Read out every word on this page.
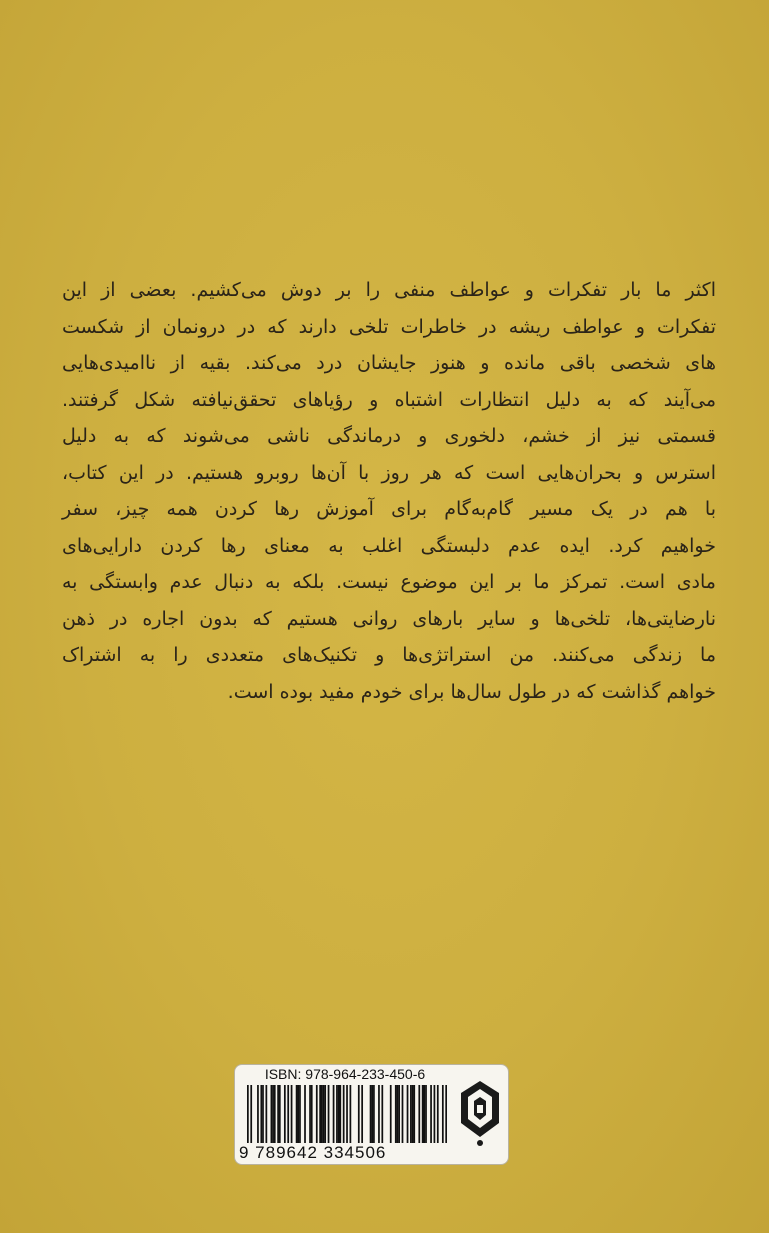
اکثر ما بار تفکرات و عواطف منفی را بر دوش می‌کشیم. بعضی از این
تفکرات و عواطف ریشه در خاطرات تلخی دارند که در درونمان از شکست
های شخصی باقی مانده و هنوز جایشان درد می‌کند. بقیه از ناامیدی‌هایی
می‌آیند که به دلیل انتظارات اشتباه و رؤیاهای تحقق‌نیافته شکل گرفتند.
قسمتی نیز از خشم، دلخوری و درماندگی ناشی می‌شوند که به دلیل
استرس و بحران‌هایی است که هر روز با آن‌ها روبرو هستیم. در این کتاب،
با هم در یک مسیر گام‌به‌گام برای آموزش رها کردن همه چیز، سفر
خواهیم کرد. ایده عدم دلبستگی اغلب به معنای رها کردن دارایی‌های
مادی است. تمرکز ما بر این موضوع نیست. بلکه به دنبال عدم وابستگی به
نارضایتی‌ها، تلخی‌ها و سایر بارهای روانی هستیم که بدون اجاره در ذهن
ما زندگی می‌کنند. من استراتژی‌ها و تکنیک‌های متعددی را به اشتراک
خواهم گذاشت که در طول سال‌ها برای خودم مفید بوده است.
ISBN: 978-964-233-450-6
9 789642 334506
